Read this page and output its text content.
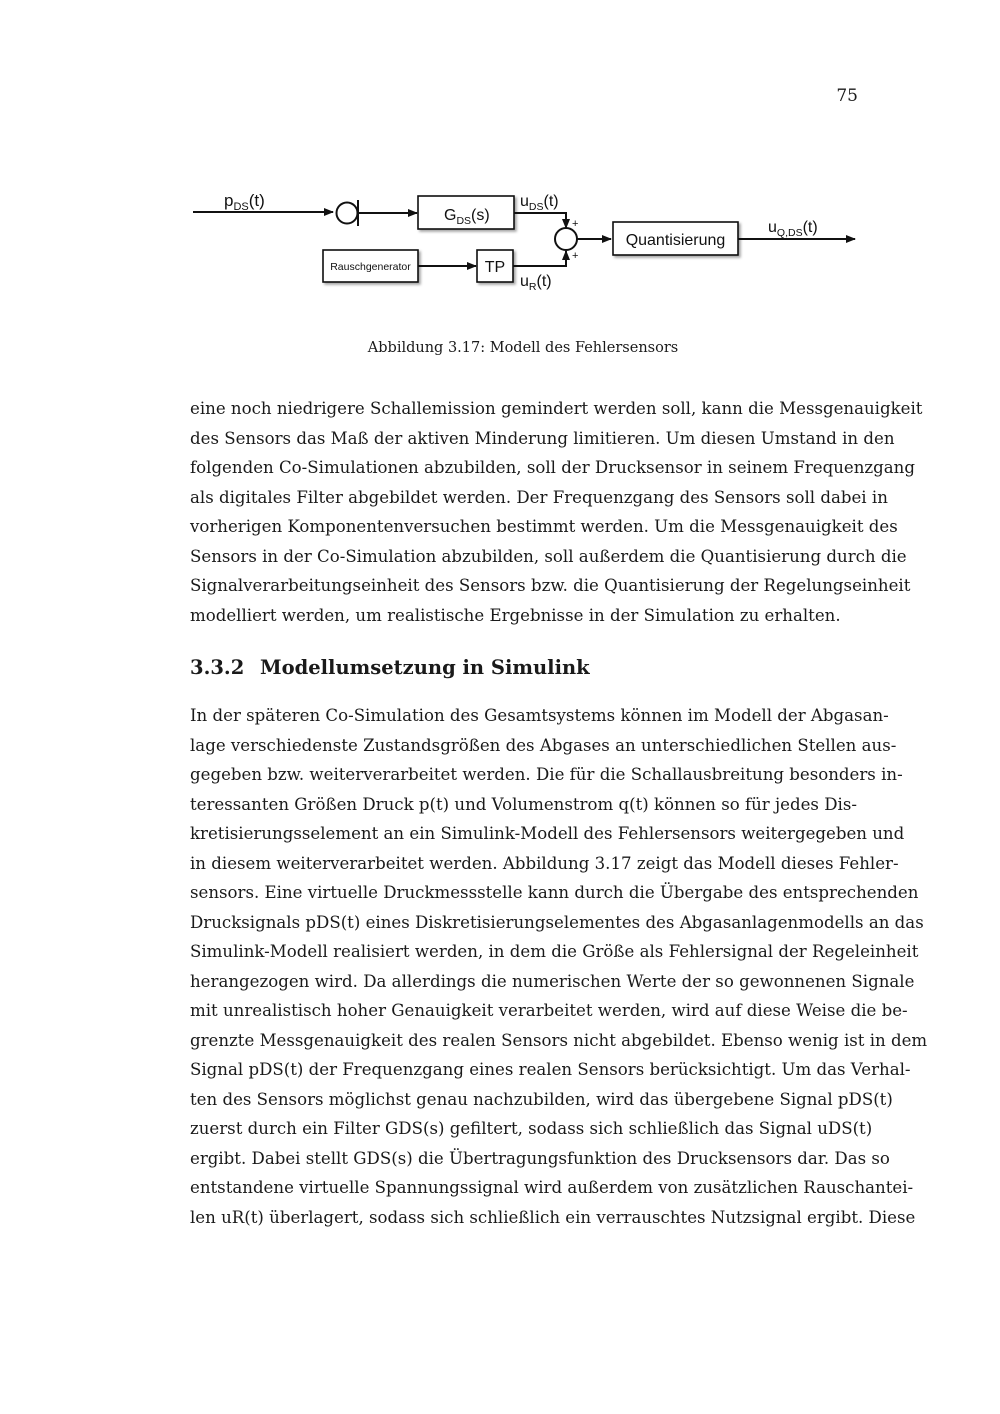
75
$p_{DS}(t)$
$G_{DS}(s)$
$u_{DS}(t)$
+
+
Rauschgenerator	TP
$u_R(t)$
Quantisierung
$u_{Q,DS}(t)$
Abbildung 3.17: Modell des Fehlersensors

eine noch niedrigere Schallemission gemindert werden soll, kann die Messgenauigkeit
des Sensors das Maß der aktiven Minderung limitieren. Um diesen Umstand in den
folgenden Co-Simulationen abzubilden, soll der Drucksensor in seinem Frequenzgang
als digitales Filter abgebildet werden. Der Frequenzgang des Sensors soll dabei in
vorherigen Komponentenversuchen bestimmt werden. Um die Messgenauigkeit des
Sensors in der Co-Simulation abzubilden, soll außerdem die Quantisierung durch die
Signalverarbeitungseinheit des Sensors bzw. die Quantisierung der Regelungseinheit
modelliert werden, um realistische Ergebnisse in der Simulation zu erhalten.

3.3.2 Modellumsetzung in Simulink

In der späteren Co-Simulation des Gesamtsystems können im Modell der Abgasan-
lage verschiedenste Zustandsgrößen des Abgases an unterschiedlichen Stellen aus-
gegeben bzw. weiterverarbeitet werden. Die für die Schallausbreitung besonders in-
teressanten Größen Druck p(t) und Volumenstrom q(t) können so für jedes Dis-
kretisierungsselement an ein Simulink-Modell des Fehlersensors weitergegeben und
in diesem weiterverarbeitet werden. Abbildung 3.17 zeigt das Modell dieses Fehler-
sensors. Eine virtuelle Druckmessstelle kann durch die Übergabe des entsprechenden
Drucksignals pDS(t) eines Diskretisierungselementes des Abgasanlagenmodells an das
Simulink-Modell realisiert werden, in dem die Größe als Fehlersignal der Regeleinheit
herangezogen wird. Da allerdings die numerischen Werte der so gewonnenen Signale
mit unrealistisch hoher Genauigkeit verarbeitet werden, wird auf diese Weise die be-
grenzte Messgenauigkeit des realen Sensors nicht abgebildet. Ebenso wenig ist in dem
Signal pDS(t) der Frequenzgang eines realen Sensors berücksichtigt. Um das Verhal-
ten des Sensors möglichst genau nachzubilden, wird das übergebene Signal pDS(t)
zuerst durch ein Filter GDS(s) gefiltert, sodass sich schließlich das Signal uDS(t)
ergibt. Dabei stellt GDS(s) die Übertragungsfunktion des Drucksensors dar. Das so
entstandene virtuelle Spannungssignal wird außerdem von zusätzlichen Rauschantei-
len uR(t) überlagert, sodass sich schließlich ein verrauschtes Nutzsignal ergibt. Diese
